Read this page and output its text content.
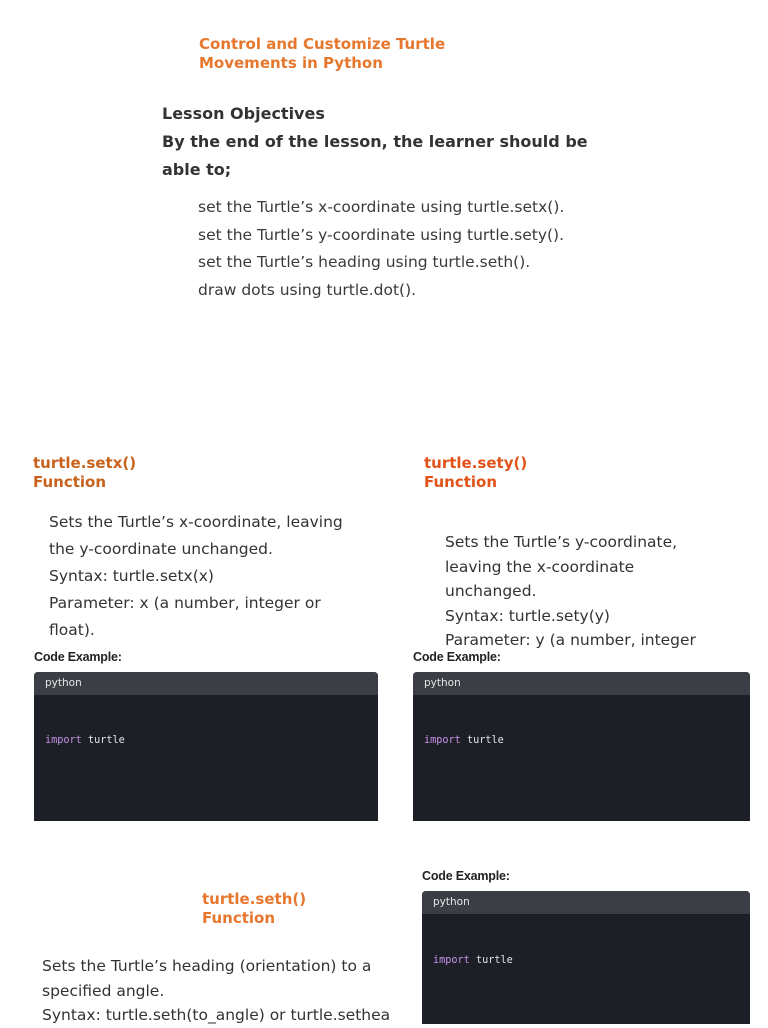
Control and Customize Turtle
Movements in Python
Lesson Objectives
By the end of the lesson, the learner should be
able to;
set the Turtle’s x-coordinate using turtle.setx().
set the Turtle’s y-coordinate using turtle.sety().
set the Turtle’s heading using turtle.seth().
draw dots using turtle.dot().
turtle.setx()
Function
Sets the Turtle’s x-coordinate, leaving
the y-coordinate unchanged.
Syntax: turtle.setx(x)
Parameter: x (a number, integer or
float).
Code Example:
python

import turtle

turtle.sety()
Function
Sets the Turtle’s y-coordinate,
leaving the x-coordinate
unchanged.
Syntax: turtle.sety(y)
Parameter: y (a number, integer
Code Example:
python

import turtle

turtle.seth()
Function
Sets the Turtle’s heading (orientation) to a
specified angle.
Syntax: turtle.seth(to_angle) or turtle.sethea
Code Example:
python

import turtle
